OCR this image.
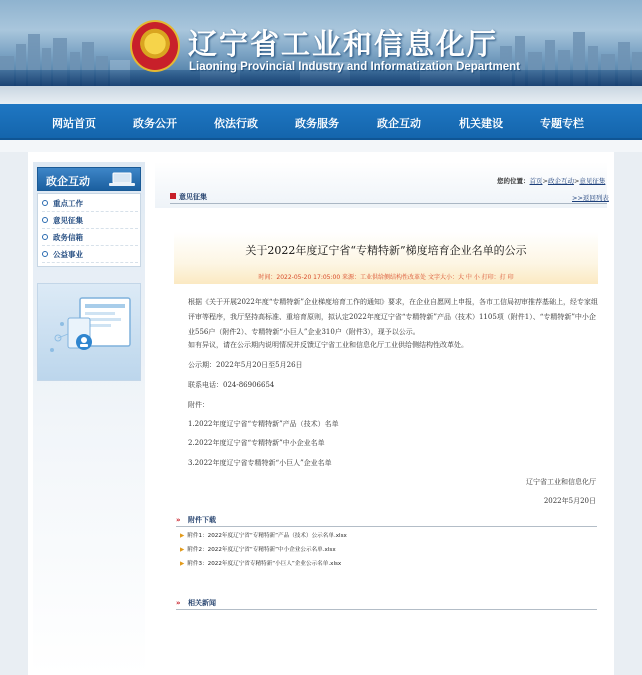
★ 辽宁省工业和信息化厅
Liaoning Provincial Industry and Informatization Department
网站首页	政务公开	依法行政	政务服务	政企互动	机关建设	专题专栏
政企互动
重点工作
意见征集
政务信箱
公益事业
您的位置：首页>政企互动>意见征集
意见征集	>>返回列表
关于2022年度辽宁省“专精特新”梯度培育企业名单的公示
时间：2022-05-20 17:05:00 来源：工业供给侧结构性改革处 文字大小：大 中 小 打印：打 印
根据《关于开展2022年度“专精特新”企业梯度培育工作的通知》要求，在企业自愿网上申报，各市工信局初审推荐基础上，经专家组评审等程序，我厅坚持高标准、重培育原则，拟认定2022年度辽宁省“专精特新”产品（技术）1105项（附件1）、“专精特新”中小企业556户（附件2）、专精特新“小巨人”企业310户（附件3），现予以公示。
如有异议，请在公示期内说明情况并反馈辽宁省工业和信息化厅工业供给侧结构性改革处。
公示期：2022年5月20日至5月26日
联系电话：024-86906654
附件：
1.2022年度辽宁省“专精特新”产品（技术）名单
2.2022年度辽宁省“专精特新”中小企业名单
3.2022年度辽宁省专精特新“小巨人”企业名单
辽宁省工业和信息化厅
2022年5月20日
» 附件下载
▶ 附件1：2022年度辽宁省“专精特新”产品（技术）公示名单.xlsx
▶ 附件2：2022年度辽宁省“专精特新”中小企业公示名单.xlsx
▶ 附件3：2022年度辽宁省专精特新“小巨人”企业公示名单.xlsx
» 相关新闻
